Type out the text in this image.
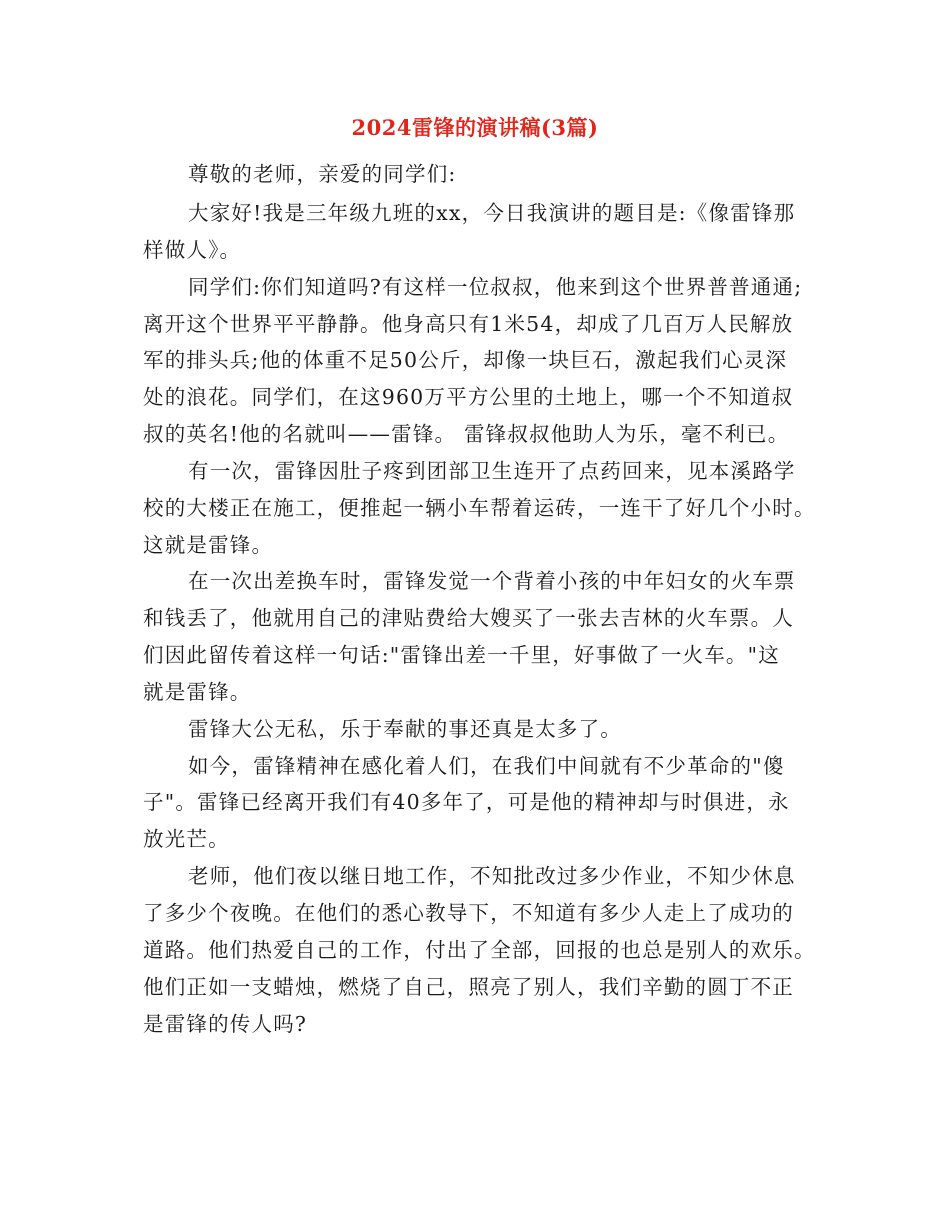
2024雷锋的演讲稿(3篇)
尊敬的老师，亲爱的同学们:
大家好!我是三年级九班的xx，今日我演讲的题目是:《像雷锋那
样做人》。
同学们:你们知道吗?有这样一位叔叔，他来到这个世界普普通通;
离开这个世界平平静静。他身高只有1米54，却成了几百万人民解放
军的排头兵;他的体重不足50公斤，却像一块巨石，激起我们心灵深
处的浪花。同学们，在这960万平方公里的土地上，哪一个不知道叔
叔的英名!他的名就叫——雷锋。 雷锋叔叔他助人为乐，毫不利已。
有一次，雷锋因肚子疼到团部卫生连开了点药回来，见本溪路学
校的大楼正在施工，便推起一辆小车帮着运砖，一连干了好几个小时。
这就是雷锋。
在一次出差换车时，雷锋发觉一个背着小孩的中年妇女的火车票
和钱丢了，他就用自己的津贴费给大嫂买了一张去吉林的火车票。人
们因此留传着这样一句话:"雷锋出差一千里，好事做了一火车。"这
就是雷锋。
雷锋大公无私，乐于奉献的事还真是太多了。
如今，雷锋精神在感化着人们，在我们中间就有不少革命的"傻
子"。雷锋已经离开我们有40多年了，可是他的精神却与时俱进，永
放光芒。
老师，他们夜以继日地工作，不知批改过多少作业，不知少休息
了多少个夜晚。在他们的悉心教导下，不知道有多少人走上了成功的
道路。他们热爱自己的工作，付出了全部，回报的也总是别人的欢乐。
他们正如一支蜡烛，燃烧了自己，照亮了别人，我们辛勤的圆丁不正
是雷锋的传人吗?
